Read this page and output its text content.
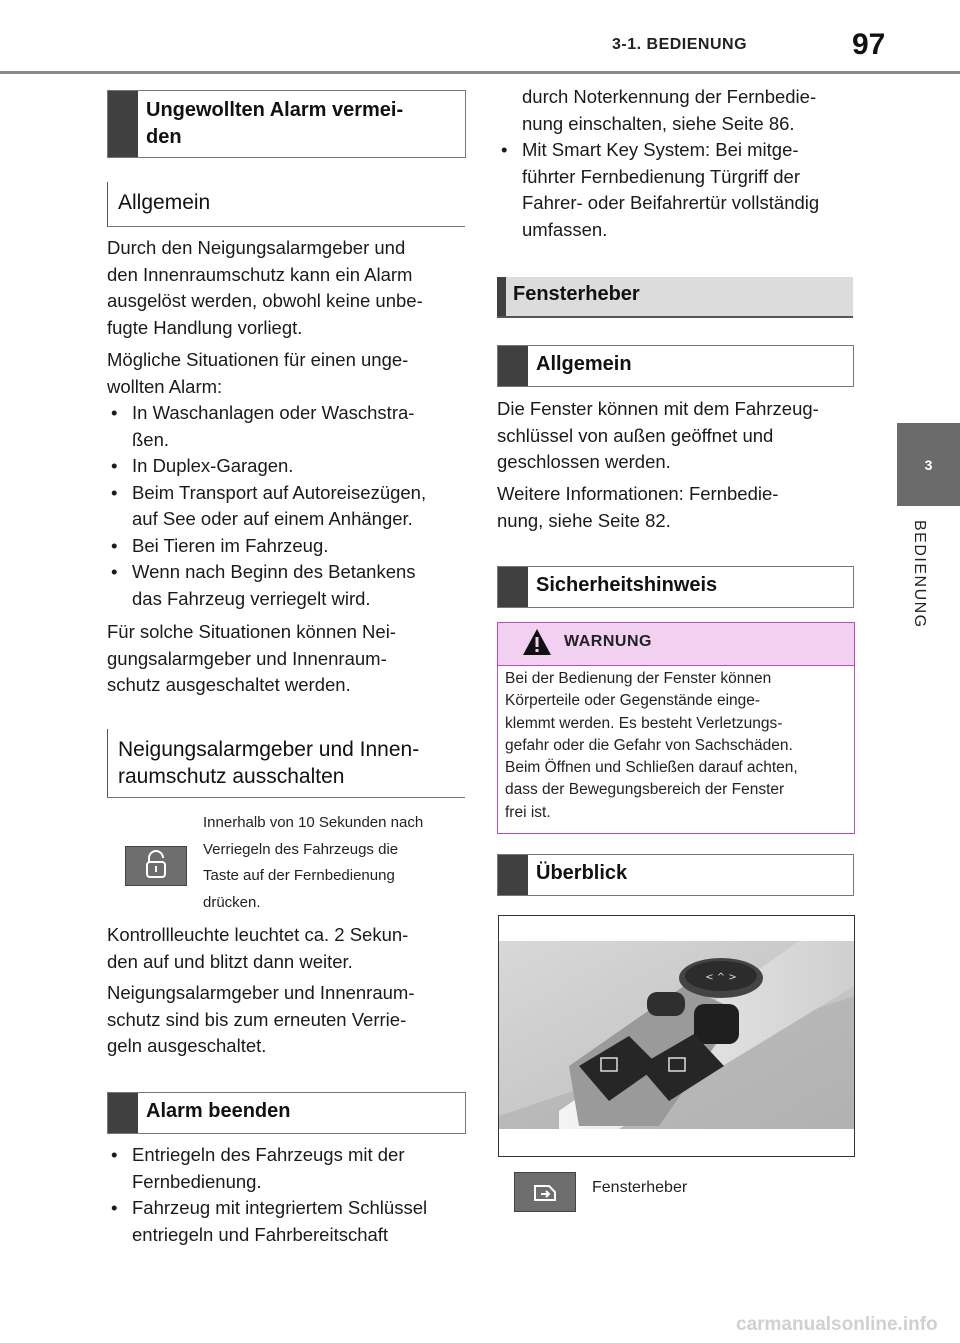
3-1. BEDIENUNG	97
3
BEDIENUNG
Ungewollten Alarm vermei-
den
Allgemein
Durch den Neigungsalarmgeber und
den Innenraumschutz kann ein Alarm
ausgelöst werden, obwohl keine unbe-
fugte Handlung vorliegt.
Mögliche Situationen für einen unge-
wollten Alarm:
• In Waschanlagen oder Waschstra-
ßen.
• In Duplex-Garagen.
• Beim Transport auf Autoreisezügen,
auf See oder auf einem Anhänger.
• Bei Tieren im Fahrzeug.
• Wenn nach Beginn des Betankens
das Fahrzeug verriegelt wird.
Für solche Situationen können Nei-
gungsalarmgeber und Innenraum-
schutz ausgeschaltet werden.
Neigungsalarmgeber und Innen-
raumschutz ausschalten
Innerhalb von 10 Sekunden nach
Verriegeln des Fahrzeugs die
Taste auf der Fernbedienung
drücken.
Kontrollleuchte leuchtet ca. 2 Sekun-
den auf und blitzt dann weiter.
Neigungsalarmgeber und Innenraum-
schutz sind bis zum erneuten Verrie-
geln ausgeschaltet.
Alarm beenden
• Entriegeln des Fahrzeugs mit der
Fernbedienung.
• Fahrzeug mit integriertem Schlüssel
entriegeln und Fahrbereitschaft
durch Noterkennung der Fernbedie-
nung einschalten, siehe Seite 86.
• Mit Smart Key System: Bei mitge-
führter Fernbedienung Türgriff der
Fahrer- oder Beifahrertür vollständig
umfassen.
Fensterheber
Allgemein
Die Fenster können mit dem Fahrzeug-
schlüssel von außen geöffnet und
geschlossen werden.
Weitere Informationen: Fernbedie-
nung, siehe Seite 82.
Sicherheitshinweis
WARNUNG
Bei der Bedienung der Fenster können
Körperteile oder Gegenstände einge-
klemmt werden. Es besteht Verletzungs-
gefahr oder die Gefahr von Sachschäden.
Beim Öffnen und Schließen darauf achten,
dass der Bewegungsbereich der Fenster
frei ist.
Überblick
< ^ >
Fensterheber
carmanualsonline.info
